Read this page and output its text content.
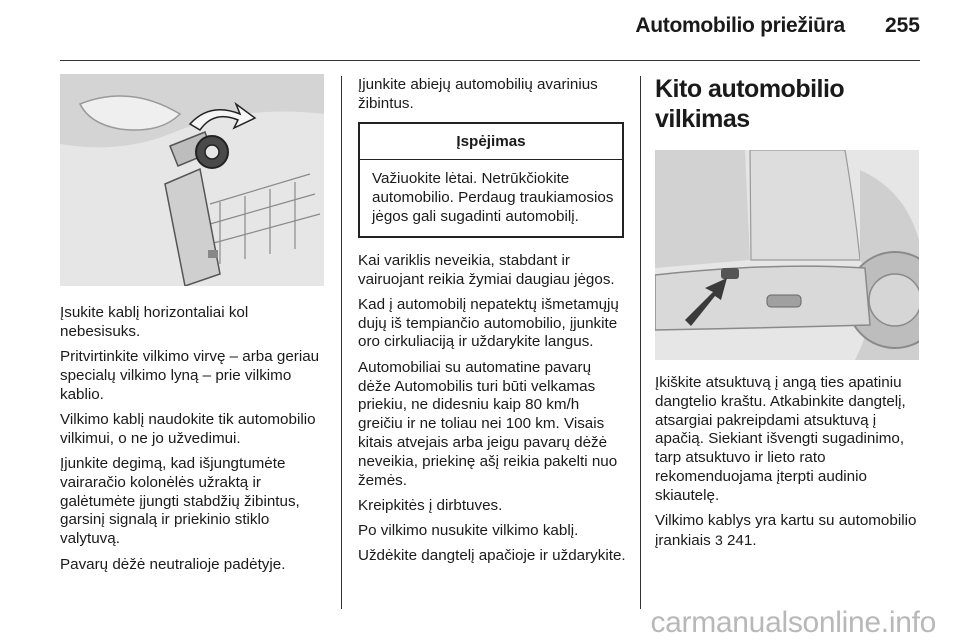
Automobilio priežiūra 255

Įsukite kablį horizontaliai kol nebesisuks.

Pritvirtinkite vilkimo virvę – arba geriau specialų vilkimo lyną – prie vilkimo kablio.

Vilkimo kablį naudokite tik automobilio vilkimui, o ne jo užvedimui.

Įjunkite degimą, kad išjungtumėte vairaračio kolonėlės užraktą ir galėtumėte įjungti stabdžių žibintus, garsinį signalą ir priekinio stiklo valytuvą.

Pavarų dėžė neutralioje padėtyje.

Įjunkite abiejų automobilių avarinius žibintus.

Įspėjimas
Važiuokite lėtai. Netrūkčiokite automobilio. Perdaug traukiamosios jėgos gali sugadinti automobilį.

Kai variklis neveikia, stabdant ir vairuojant reikia žymiai daugiau jėgos.

Kad į automobilį nepatektų išmetamųjų dujų iš tempiančio automobilio, įjunkite oro cirkuliaciją ir uždarykite langus.

Automobiliai su automatine pavarų dėže Automobilis turi būti velkamas priekiu, ne didesniu kaip 80 km/h greičiu ir ne toliau nei 100 km. Visais kitais atvejais arba jeigu pavarų dėžė neveikia, priekinę ašį reikia pakelti nuo žemės.

Kreipkitės į dirbtuves.

Po vilkimo nusukite vilkimo kablį.

Uždėkite dangtelį apačioje ir uždarykite.

Kito automobilio vilkimas

Įkiškite atsuktuvą į angą ties apatiniu dangtelio kraštu. Atkabinkite dangtelį, atsargiai pakreipdami atsuktuvą į apačią. Siekiant išvengti sugadinimo, tarp atsuktuvo ir lieto rato rekomenduojama įterpti audinio skiautelę.

Vilkimo kablys yra kartu su automobilio įrankiais 3 241.

carmanualsonline.info
